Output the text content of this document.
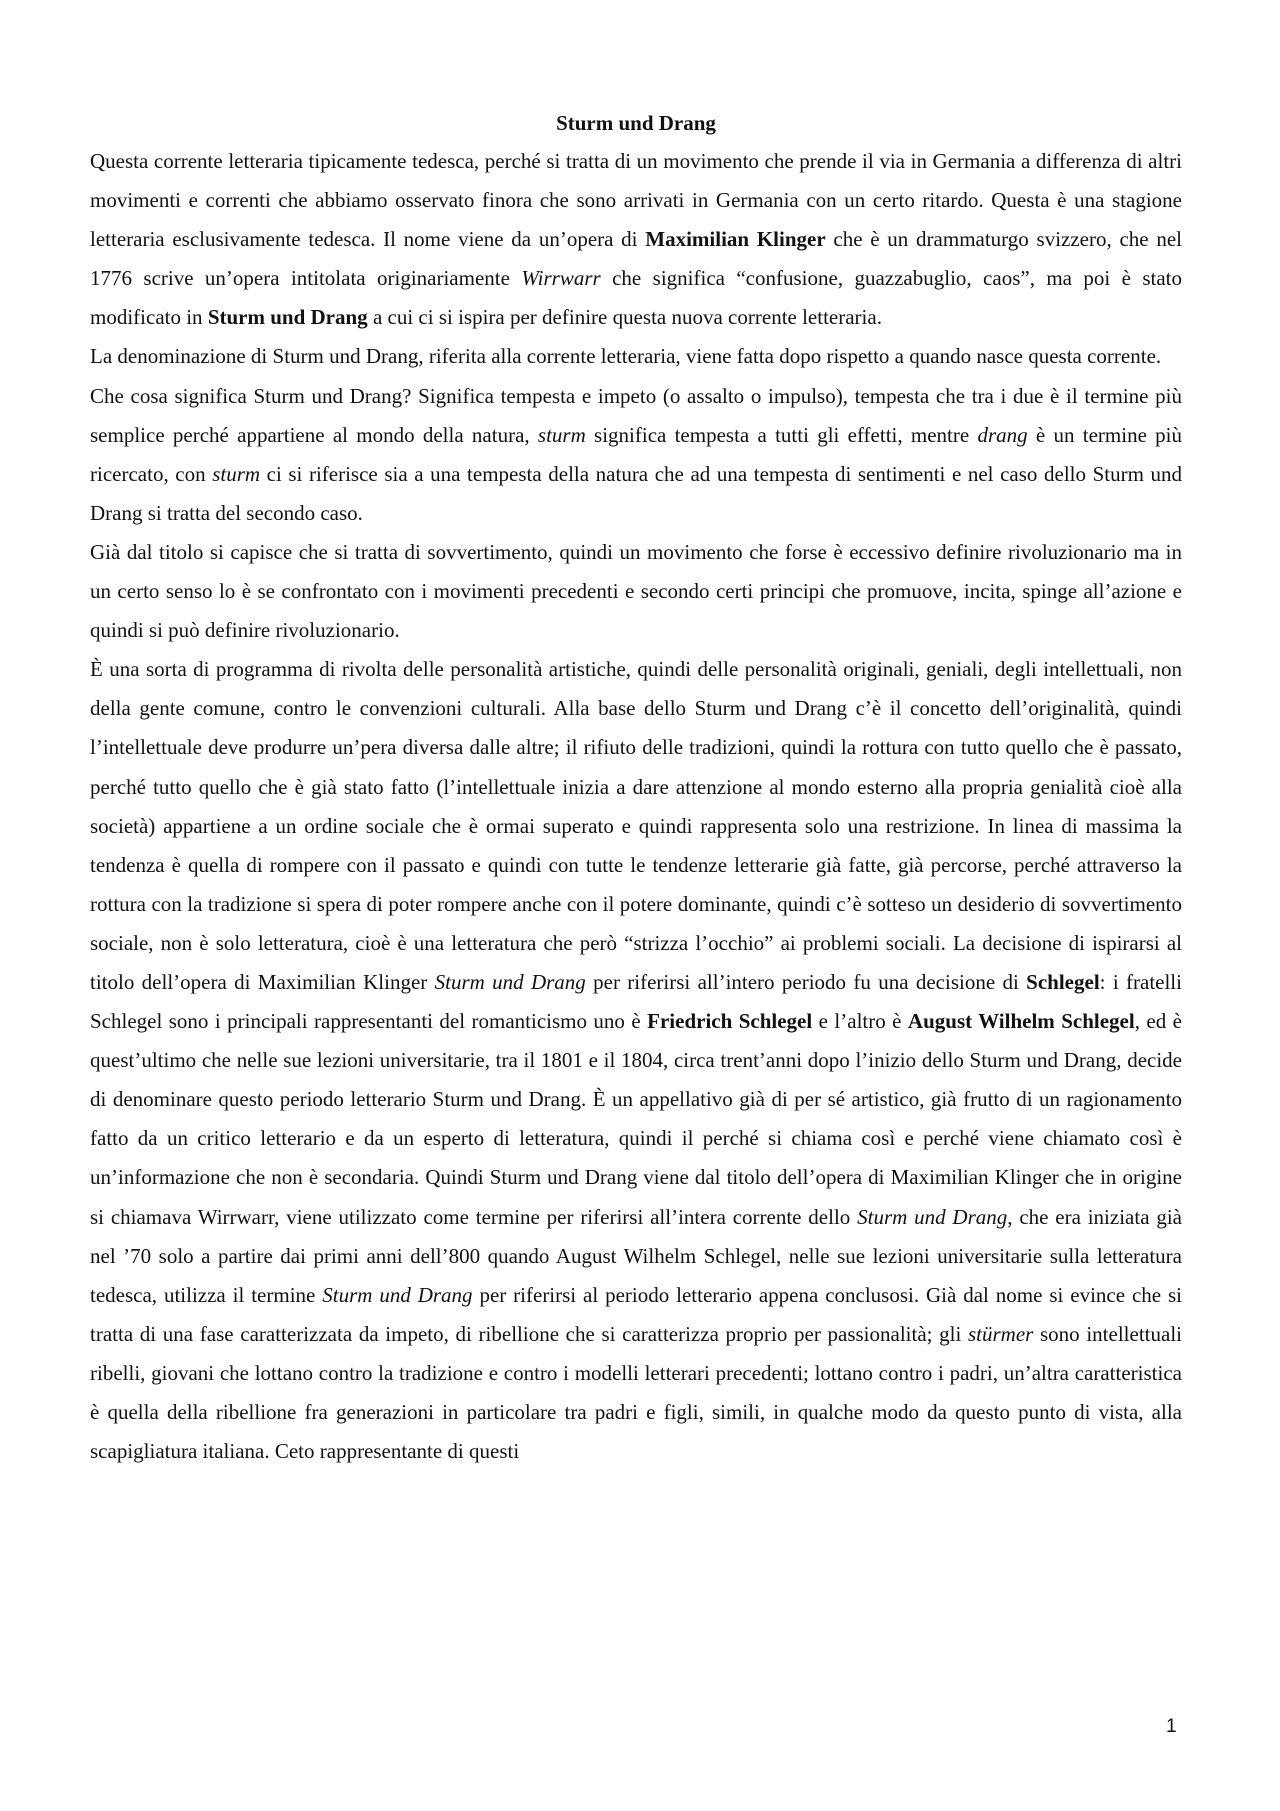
Sturm und Drang

Questa corrente letteraria tipicamente tedesca, perché si tratta di un movimento che prende il via in Germania a differenza di altri movimenti e correnti che abbiamo osservato finora che sono arrivati in Germania con un certo ritardo. Questa è una stagione letteraria esclusivamente tedesca. Il nome viene da un’opera di Maximilian Klinger che è un drammaturgo svizzero, che nel 1776 scrive un’opera intitolata originariamente Wirrwarr che significa “confusione, guazzabuglio, caos”, ma poi è stato modificato in Sturm und Drang a cui ci si ispira per definire questa nuova corrente letteraria.

La denominazione di Sturm und Drang, riferita alla corrente letteraria, viene fatta dopo rispetto a quando nasce questa corrente.

Che cosa significa Sturm und Drang? Significa tempesta e impeto (o assalto o impulso), tempesta che tra i due è il termine più semplice perché appartiene al mondo della natura, sturm significa tempesta a tutti gli effetti, mentre drang è un termine più ricercato, con sturm ci si riferisce sia a una tempesta della natura che ad una tempesta di sentimenti e nel caso dello Sturm und Drang si tratta del secondo caso.

Già dal titolo si capisce che si tratta di sovvertimento, quindi un movimento che forse è eccessivo definire rivoluzionario ma in un certo senso lo è se confrontato con i movimenti precedenti e secondo certi principi che promuove, incita, spinge all’azione e quindi si può definire rivoluzionario.

È una sorta di programma di rivolta delle personalità artistiche, quindi delle personalità originali, geniali, degli intellettuali, non della gente comune, contro le convenzioni culturali. Alla base dello Sturm und Drang c’è il concetto dell’originalità, quindi l’intellettuale deve produrre un’pera diversa dalle altre; il rifiuto delle tradizioni, quindi la rottura con tutto quello che è passato, perché tutto quello che è già stato fatto (l’intellettuale inizia a dare attenzione al mondo esterno alla propria genialità cioè alla società) appartiene a un ordine sociale che è ormai superato e quindi rappresenta solo una restrizione. In linea di massima la tendenza è quella di rompere con il passato e quindi con tutte le tendenze letterarie già fatte, già percorse, perché attraverso la rottura con la tradizione si spera di poter rompere anche con il potere dominante, quindi c’è sotteso un desiderio di sovvertimento sociale, non è solo letteratura, cioè è una letteratura che però “strizza l’occhio” ai problemi sociali. La decisione di ispirarsi al titolo dell’opera di Maximilian Klinger Sturm und Drang per riferirsi all’intero periodo fu una decisione di Schlegel: i fratelli Schlegel sono i principali rappresentanti del romanticismo uno è Friedrich Schlegel e l’altro è August Wilhelm Schlegel, ed è quest’ultimo che nelle sue lezioni universitarie, tra il 1801 e il 1804, circa trent’anni dopo l’inizio dello Sturm und Drang, decide di denominare questo periodo letterario Sturm und Drang. È un appellativo già di per sé artistico, già frutto di un ragionamento fatto da un critico letterario e da un esperto di letteratura, quindi il perché si chiama così e perché viene chiamato così è un’informazione che non è secondaria. Quindi Sturm und Drang viene dal titolo dell’opera di Maximilian Klinger che in origine si chiamava Wirrwarr, viene utilizzato come termine per riferirsi all’intera corrente dello Sturm und Drang, che era iniziata già nel ’70 solo a partire dai primi anni dell’800 quando August Wilhelm Schlegel, nelle sue lezioni universitarie sulla letteratura tedesca, utilizza il termine Sturm und Drang per riferirsi al periodo letterario appena conclusosi. Già dal nome si evince che si tratta di una fase caratterizzata da impeto, di ribellione che si caratterizza proprio per passionalità; gli stürmer sono intellettuali ribelli, giovani che lottano contro la tradizione e contro i modelli letterari precedenti; lottano contro i padri, un’altra caratteristica è quella della ribellione fra generazioni in particolare tra padri e figli, simili, in qualche modo da questo punto di vista, alla scapigliatura italiana. Ceto rappresentante di questi

1
